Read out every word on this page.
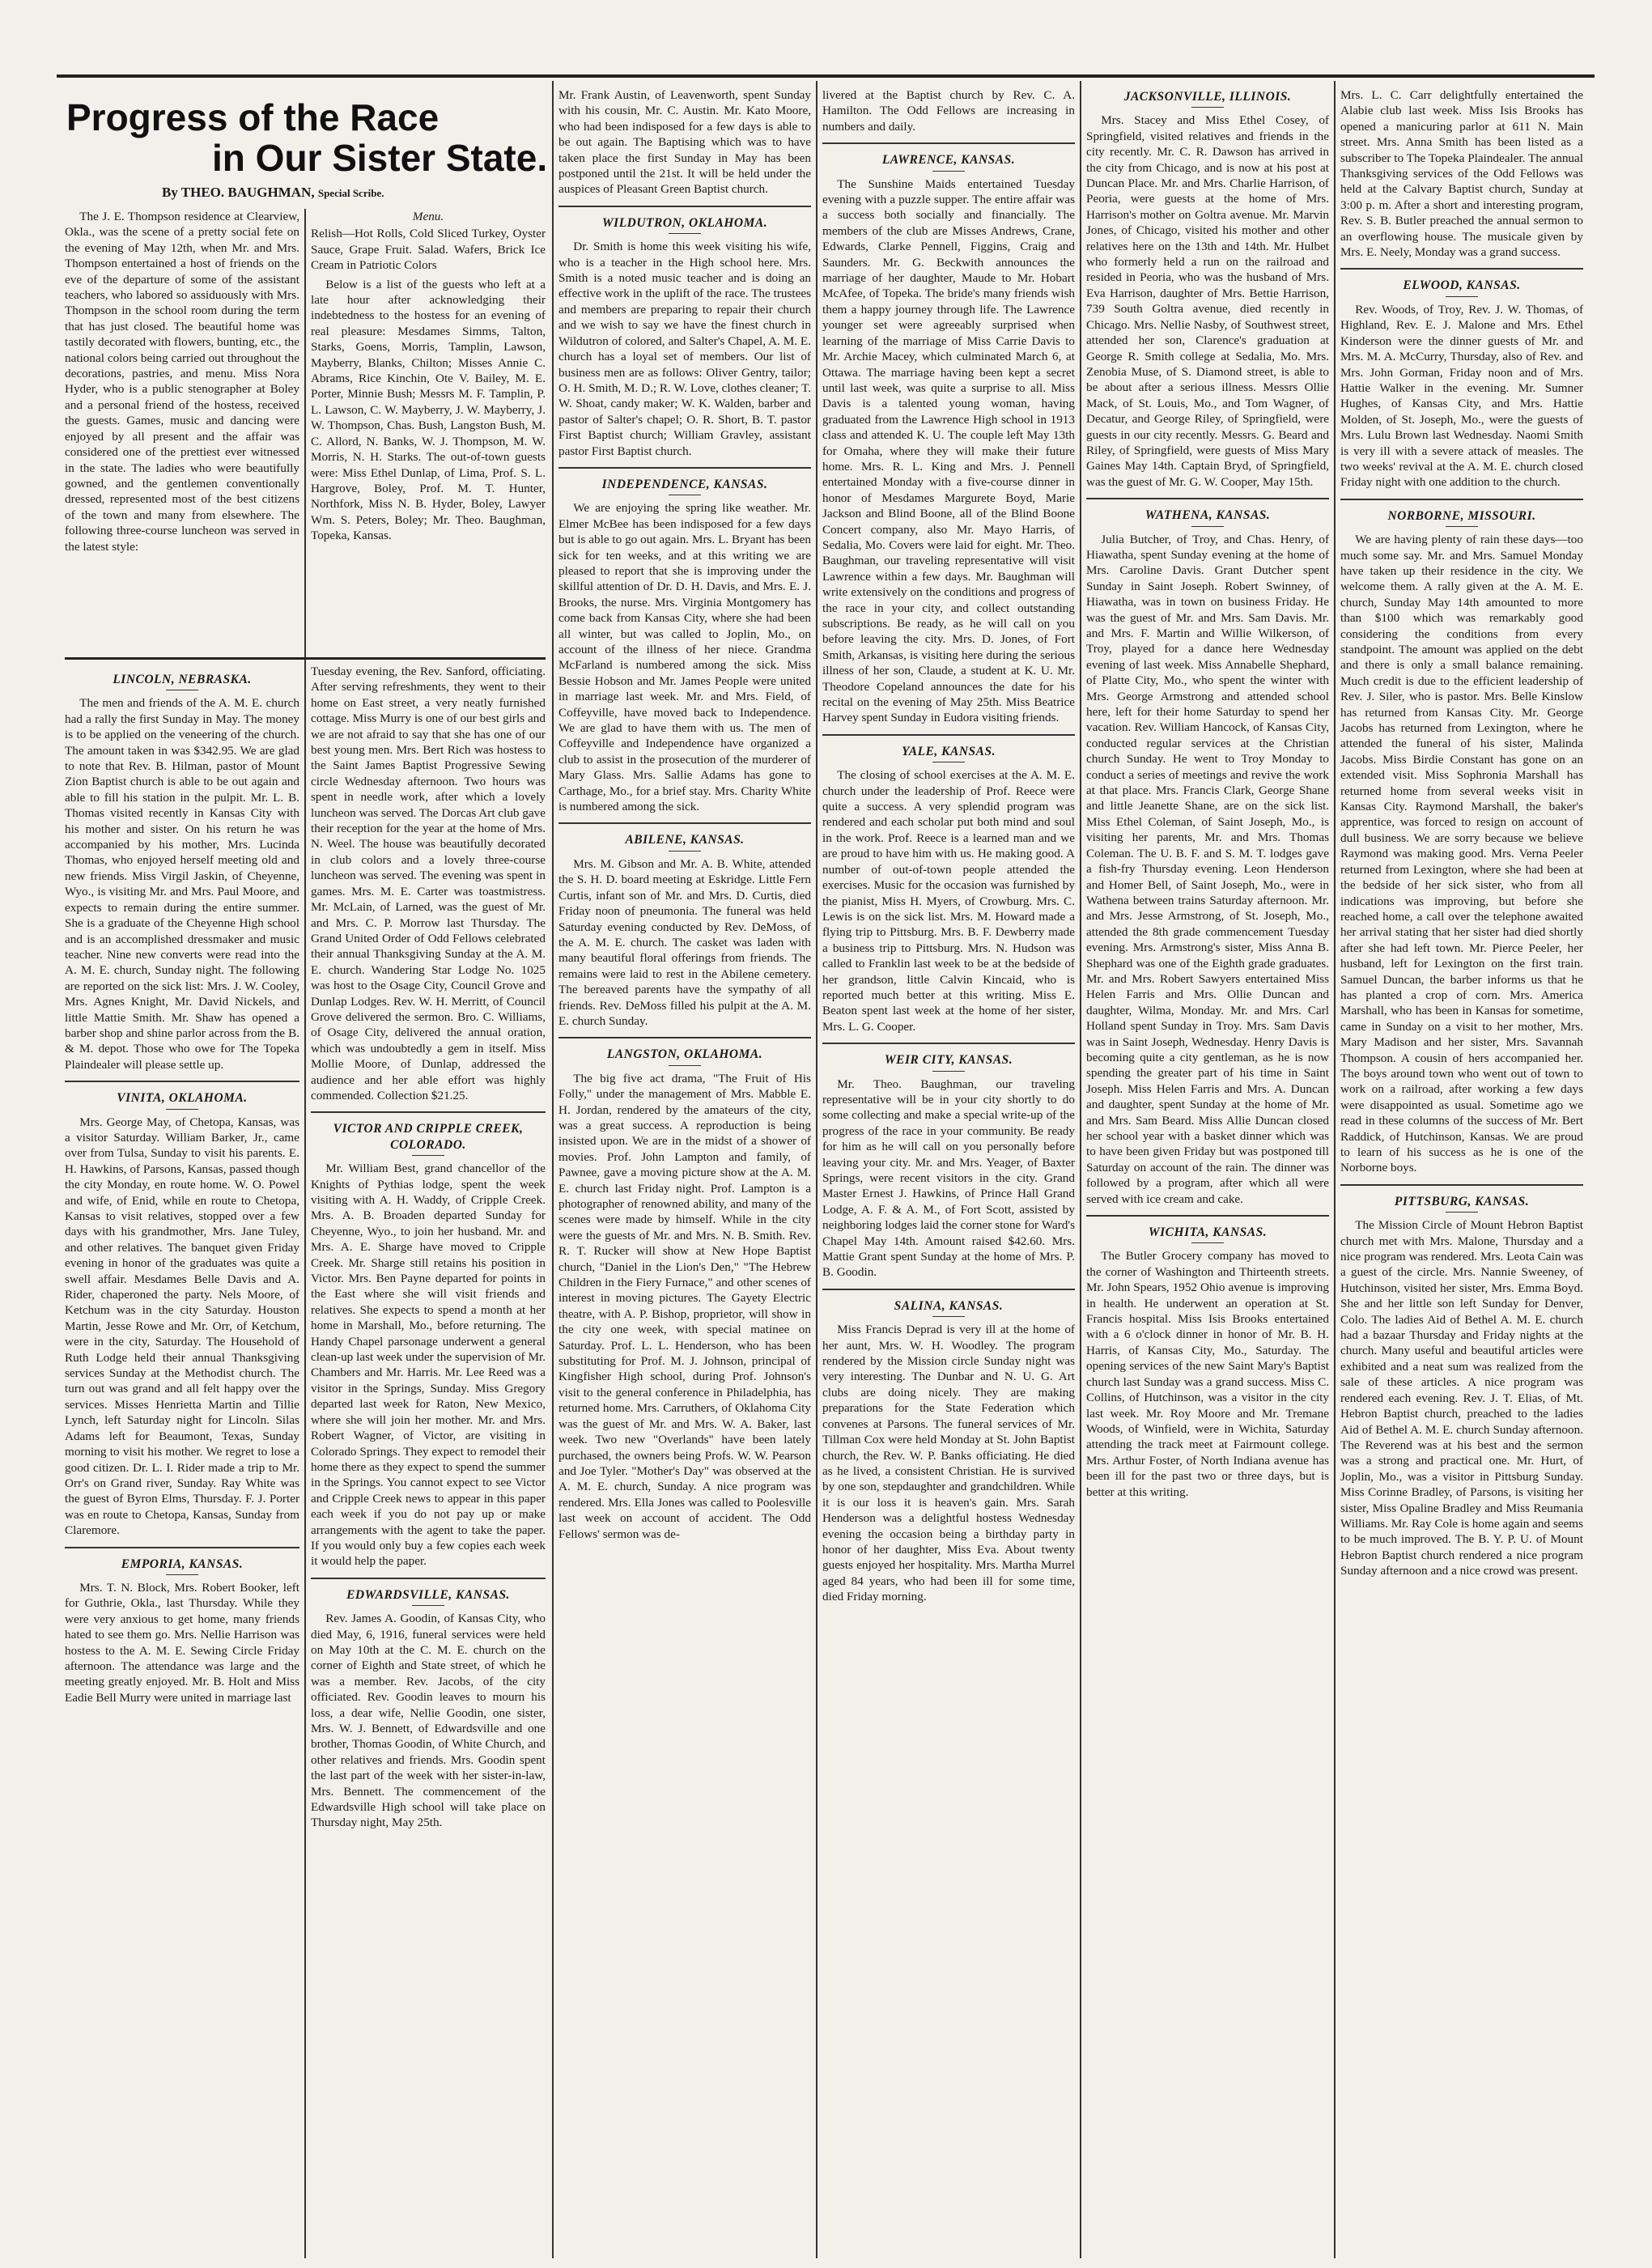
Progress of the Race
in Our Sister State.
By THEO. BAUGHMAN, Special Scribe.

The J. E. Thompson residence at Clearview, Okla., was the scene of a pretty social fete on the evening of May 12th, when Mr. and Mrs. Thompson entertained a host of friends on the eve of the departure of some of the assistant teachers, who labored so assiduously with Mrs. Thompson in the school room during the term that has just closed. The beautiful home was tastily decorated with flowers, bunting, etc., the national colors being carried out throughout the decorations, pastries, and menu. Miss Nora Hyder, who is a public stenographer at Boley and a personal friend of the hostess, received the guests. Games, music and dancing were enjoyed by all present and the affair was considered one of the prettiest ever witnessed in the state. The ladies who were beautifully gowned, and the gentlemen conventionally dressed, represented most of the best citizens of the town and many from elsewhere. The following three-course luncheon was served in the latest style:

Menu.

Relish—Hot Rolls, Cold Sliced Turkey, Oyster Sauce, Grape Fruit. Salad. Wafers, Brick Ice Cream in Patriotic Colors

Below is a list of the guests who left at a late hour after acknowledging their indebtedness to the hostess for an evening of real pleasure: Mesdames Simms, Talton, Starks, Goens, Morris, Tamplin, Lawson, Mayberry, Blanks, Chilton; Misses Annie C. Abrams, Rice Kinchin, Ote V. Bailey, M. E. Porter, Minnie Bush; Messrs M. F. Tamplin, P. L. Lawson, C. W. Mayberry, J. W. Mayberry, J. W. Thompson, Chas. Bush, Langston Bush, M. C. Allord, N. Banks, W. J. Thompson, M. W. Morris, N. H. Starks. The out-of-town guests were: Miss Ethel Dunlap, of Lima, Prof. S. L. Hargrove, Boley, Prof. M. T. Hunter, Northfork, Miss N. B. Hyder, Boley, Lawyer Wm. S. Peters, Boley; Mr. Theo. Baughman, Topeka, Kansas.

LINCOLN, NEBRASKA.

The men and friends of the A. M. E. church had a rally the first Sunday in May. The money is to be applied on the veneering of the church. The amount taken in was $342.95. We are glad to note that Rev. B. Hilman, pastor of Mount Zion Baptist church is able to be out again and able to fill his station in the pulpit. Mr. L. B. Thomas visited recently in Kansas City with his mother and sister. On his return he was accompanied by his mother, Mrs. Lucinda Thomas, who enjoyed herself meeting old and new friends. Miss Virgil Jaskin, of Cheyenne, Wyo., is visiting Mr. and Mrs. Paul Moore, and expects to remain during the entire summer. She is a graduate of the Cheyenne High school and is an accomplished dressmaker and music teacher. Nine new converts were read into the A. M. E. church, Sunday night. The following are reported on the sick list: Mrs. J. W. Cooley, Mrs. Agnes Knight, Mr. David Nickels, and little Mattie Smith. Mr. Shaw has opened a barber shop and shine parlor across from the B. & M. depot. Those who owe for The Topeka Plaindealer will please settle up.

VINITA, OKLAHOMA.

Mrs. George May, of Chetopa, Kansas, was a visitor Saturday. William Barker, Jr., came over from Tulsa, Sunday to visit his parents. E. H. Hawkins, of Parsons, Kansas, passed though the city Monday, en route home. W. O. Powel and wife, of Enid, while en route to Chetopa, Kansas to visit relatives, stopped over a few days with his grandmother, Mrs. Jane Tuley, and other relatives. The banquet given Friday evening in honor of the graduates was quite a swell affair. Mesdames Belle Davis and A. Rider, chaperoned the party. Nels Moore, of Ketchum was in the city Saturday. Houston Martin, Jesse Rowe and Mr. Orr, of Ketchum, were in the city, Saturday. The Household of Ruth Lodge held their annual Thanksgiving services Sunday at the Methodist church. The turn out was grand and all felt happy over the services. Misses Henrietta Martin and Tillie Lynch, left Saturday night for Lincoln. Silas Adams left for Beaumont, Texas, Sunday morning to visit his mother. We regret to lose a good citizen. Dr. L. I. Rider made a trip to Mr. Orr's on Grand river, Sunday. Ray White was the guest of Byron Elms, Thursday. F. J. Porter was en route to Chetopa, Kansas, Sunday from Claremore.

EMPORIA, KANSAS.

Mrs. T. N. Block, Mrs. Robert Booker, left for Guthrie, Okla., last Thursday. While they were very anxious to get home, many friends hated to see them go. Mrs. Nellie Harrison was hostess to the A. M. E. Sewing Circle Friday afternoon. The attendance was large and the meeting greatly enjoyed. Mr. B. Holt and Miss Eadie Bell Murry were united in marriage last

Tuesday evening, the Rev. Sanford, officiating. After serving refreshments, they went to their home on East street, a very neatly furnished cottage. Miss Murry is one of our best girls and we are not afraid to say that she has one of our best young men. Mrs. Bert Rich was hostess to the Saint James Baptist Progressive Sewing circle Wednesday afternoon. Two hours was spent in needle work, after which a lovely luncheon was served. The Dorcas Art club gave their reception for the year at the home of Mrs. N. Weel. The house was beautifully decorated in club colors and a lovely three-course luncheon was served. The evening was spent in games. Mrs. M. E. Carter was toastmistress. Mr. McLain, of Larned, was the guest of Mr. and Mrs. C. P. Morrow last Thursday. The Grand United Order of Odd Fellows celebrated their annual Thanksgiving Sunday at the A. M. E. church. Wandering Star Lodge No. 1025 was host to the Osage City, Council Grove and Dunlap Lodges. Rev. W. H. Merritt, of Council Grove delivered the sermon. Bro. C. Williams, of Osage City, delivered the annual oration, which was undoubtedly a gem in itself. Miss Mollie Moore, of Dunlap, addressed the audience and her able effort was highly commended. Collection $21.25.

VICTOR AND CRIPPLE CREEK, COLORADO.

Mr. William Best, grand chancellor of the Knights of Pythias lodge, spent the week visiting with A. H. Waddy, of Cripple Creek. Mrs. A. B. Broaden departed Sunday for Cheyenne, Wyo., to join her husband. Mr. and Mrs. A. E. Sharge have moved to Cripple Creek. Mr. Sharge still retains his position in Victor. Mrs. Ben Payne departed for points in the East where she will visit friends and relatives. She expects to spend a month at her home in Marshall, Mo., before returning. The Handy Chapel parsonage underwent a general clean-up last week under the supervision of Mr. Chambers and Mr. Harris. Mr. Lee Reed was a visitor in the Springs, Sunday. Miss Gregory departed last week for Raton, New Mexico, where she will join her mother. Mr. and Mrs. Robert Wagner, of Victor, are visiting in Colorado Springs. They expect to remodel their home there as they expect to spend the summer in the Springs. You cannot expect to see Victor and Cripple Creek news to appear in this paper each week if you do not pay up or make arrangements with the agent to take the paper. If you would only buy a few copies each week it would help the paper.

EDWARDSVILLE, KANSAS.

Rev. James A. Goodin, of Kansas City, who died May, 6, 1916, funeral services were held on May 10th at the C. M. E. church on the corner of Eighth and State street, of which he was a member. Rev. Jacobs, of the city officiated. Rev. Goodin leaves to mourn his loss, a dear wife, Nellie Goodin, one sister, Mrs. W. J. Bennett, of Edwardsville and one brother, Thomas Goodin, of White Church, and other relatives and friends. Mrs. Goodin spent the last part of the week with her sister-in-law, Mrs. Bennett. The commencement of the Edwardsville High school will take place on Thursday night, May 25th.

Mr. Frank Austin, of Leavenworth, spent Sunday with his cousin, Mr. C. Austin. Mr. Kato Moore, who had been indisposed for a few days is able to be out again. The Baptising which was to have taken place the first Sunday in May has been postponed until the 21st. It will be held under the auspices of Pleasant Green Baptist church.

WILDUTRON, OKLAHOMA.

Dr. Smith is home this week visiting his wife, who is a teacher in the High school here. Mrs. Smith is a noted music teacher and is doing an effective work in the uplift of the race. The trustees and members are preparing to repair their church and we wish to say we have the finest church in Wildutron of colored, and Salter's Chapel, A. M. E. church has a loyal set of members. Our list of business men are as follows: Oliver Gentry, tailor; O. H. Smith, M. D.; R. W. Love, clothes cleaner; T. W. Shoat, candy maker; W. K. Walden, barber and pastor of Salter's chapel; O. R. Short, B. T. pastor First Baptist church; William Gravley, assistant pastor First Baptist church.

INDEPENDENCE, KANSAS.

We are enjoying the spring like weather. Mr. Elmer McBee has been indisposed for a few days but is able to go out again. Mrs. L. Bryant has been sick for ten weeks, and at this writing we are pleased to report that she is improving under the skillful attention of Dr. D. H. Davis, and Mrs. E. J. Brooks, the nurse. Mrs. Virginia Montgomery has come back from Kansas City, where she had been all winter, but was called to Joplin, Mo., on account of the illness of her niece. Grandma McFarland is numbered among the sick. Miss Bessie Hobson and Mr. James People were united in marriage last week. Mr. and Mrs. Field, of Coffeyville, have moved back to Independence. We are glad to have them with us. The men of Coffeyville and Independence have organized a club to assist in the prosecution of the murderer of Mary Glass. Mrs. Sallie Adams has gone to Carthage, Mo., for a brief stay. Mrs. Charity White is numbered among the sick.

ABILENE, KANSAS.

Mrs. M. Gibson and Mr. A. B. White, attended the S. H. D. board meeting at Eskridge. Little Fern Curtis, infant son of Mr. and Mrs. D. Curtis, died Friday noon of pneumonia. The funeral was held Saturday evening conducted by Rev. DeMoss, of the A. M. E. church. The casket was laden with many beautiful floral offerings from friends. The remains were laid to rest in the Abilene cemetery. The bereaved parents have the sympathy of all friends. Rev. DeMoss filled his pulpit at the A. M. E. church Sunday.

LANGSTON, OKLAHOMA.

The big five act drama, "The Fruit of His Folly," under the management of Mrs. Mabble E. H. Jordan, rendered by the amateurs of the city, was a great success. A reproduction is being insisted upon. We are in the midst of a shower of movies. Prof. John Lampton and family, of Pawnee, gave a moving picture show at the A. M. E. church last Friday night. Prof. Lampton is a photographer of renowned ability, and many of the scenes were made by himself. While in the city were the guests of Mr. and Mrs. N. B. Smith. Rev. R. T. Rucker will show at New Hope Baptist church, "Daniel in the Lion's Den," "The Hebrew Children in the Fiery Furnace," and other scenes of interest in moving pictures. The Gayety Electric theatre, with A. P. Bishop, proprietor, will show in the city one week, with special matinee on Saturday. Prof. L. L. Henderson, who has been substituting for Prof. M. J. Johnson, principal of Kingfisher High school, during Prof. Johnson's visit to the general conference in Philadelphia, has returned home. Mrs. Carruthers, of Oklahoma City was the guest of Mr. and Mrs. W. A. Baker, last week. Two new "Overlands" have been lately purchased, the owners being Profs. W. W. Pearson and Joe Tyler. "Mother's Day" was observed at the A. M. E. church, Sunday. A nice program was rendered. Mrs. Ella Jones was called to Poolesville last week on account of accident. The Odd Fellows' sermon was de-

livered at the Baptist church by Rev. C. A. Hamilton. The Odd Fellows are increasing in numbers and daily.

LAWRENCE, KANSAS.

The Sunshine Maids entertained Tuesday evening with a puzzle supper. The entire affair was a success both socially and financially. The members of the club are Misses Andrews, Crane, Edwards, Clarke Pennell, Figgins, Craig and Saunders. Mr. G. Beckwith announces the marriage of her daughter, Maude to Mr. Hobart McAfee, of Topeka. The bride's many friends wish them a happy journey through life. The Lawrence younger set were agreeably surprised when learning of the marriage of Miss Carrie Davis to Mr. Archie Macey, which culminated March 6, at Ottawa. The marriage having been kept a secret until last week, was quite a surprise to all. Miss Davis is a talented young woman, having graduated from the Lawrence High school in 1913 class and attended K. U. The couple left May 13th for Omaha, where they will make their future home. Mrs. R. L. King and Mrs. J. Pennell entertained Monday with a five-course dinner in honor of Mesdames Margurete Boyd, Marie Jackson and Blind Boone, all of the Blind Boone Concert company, also Mr. Mayo Harris, of Sedalia, Mo. Covers were laid for eight. Mr. Theo. Baughman, our traveling representative will visit Lawrence within a few days. Mr. Baughman will write extensively on the conditions and progress of the race in your city, and collect outstanding subscriptions. Be ready, as he will call on you before leaving the city. Mrs. D. Jones, of Fort Smith, Arkansas, is visiting here during the serious illness of her son, Claude, a student at K. U. Mr. Theodore Copeland announces the date for his recital on the evening of May 25th. Miss Beatrice Harvey spent Sunday in Eudora visiting friends.

YALE, KANSAS.

The closing of school exercises at the A. M. E. church under the leadership of Prof. Reece were quite a success. A very splendid program was rendered and each scholar put both mind and soul in the work. Prof. Reece is a learned man and we are proud to have him with us. He making good. A number of out-of-town people attended the exercises. Music for the occasion was furnished by the pianist, Miss H. Myers, of Crowburg. Mrs. C. Lewis is on the sick list. Mrs. M. Howard made a flying trip to Pittsburg. Mrs. B. F. Dewberry made a business trip to Pittsburg. Mrs. N. Hudson was called to Franklin last week to be at the bedside of her grandson, little Calvin Kincaid, who is reported much better at this writing. Miss E. Beaton spent last week at the home of her sister, Mrs. L. G. Cooper.

WEIR CITY, KANSAS.

Mr. Theo. Baughman, our traveling representative will be in your city shortly to do some collecting and make a special write-up of the progress of the race in your community. Be ready for him as he will call on you personally before leaving your city. Mr. and Mrs. Yeager, of Baxter Springs, were recent visitors in the city. Grand Master Ernest J. Hawkins, of Prince Hall Grand Lodge, A. F. & A. M., of Fort Scott, assisted by neighboring lodges laid the corner stone for Ward's Chapel May 14th. Amount raised $42.60. Mrs. Mattie Grant spent Sunday at the home of Mrs. P. B. Goodin.

SALINA, KANSAS.

Miss Francis Deprad is very ill at the home of her aunt, Mrs. W. H. Woodley. The program rendered by the Mission circle Sunday night was very interesting. The Dunbar and N. U. G. Art clubs are doing nicely. They are making preparations for the State Federation which convenes at Parsons. The funeral services of Mr. Tillman Cox were held Monday at St. John Baptist church, the Rev. W. P. Banks officiating. He died as he lived, a consistent Christian. He is survived by one son, stepdaughter and grandchildren. While it is our loss it is heaven's gain. Mrs. Sarah Henderson was a delightful hostess Wednesday evening the occasion being a birthday party in honor of her daughter, Miss Eva. About twenty guests enjoyed her hospitality. Mrs. Martha Murrel aged 84 years, who had been ill for some time, died Friday morning.

JACKSONVILLE, ILLINOIS.

Mrs. Stacey and Miss Ethel Cosey, of Springfield, visited relatives and friends in the city recently. Mr. C. R. Dawson has arrived in the city from Chicago, and is now at his post at Duncan Place. Mr. and Mrs. Charlie Harrison, of Peoria, were guests at the home of Mrs. Harrison's mother on Goltra avenue. Mr. Marvin Jones, of Chicago, visited his mother and other relatives here on the 13th and 14th. Mr. Hulbet who formerly held a run on the railroad and resided in Peoria, who was the husband of Mrs. Eva Harrison, daughter of Mrs. Bettie Harrison, 739 South Goltra avenue, died recently in Chicago. Mrs. Nellie Nasby, of Southwest street, attended her son, Clarence's graduation at George R. Smith college at Sedalia, Mo. Mrs. Zenobia Muse, of S. Diamond street, is able to be about after a serious illness. Messrs Ollie Mack, of St. Louis, Mo., and Tom Wagner, of Decatur, and George Riley, of Springfield, were guests in our city recently. Messrs. G. Beard and Riley, of Springfield, were guests of Miss Mary Gaines May 14th. Captain Bryd, of Springfield, was the guest of Mr. G. W. Cooper, May 15th.

WATHENA, KANSAS.

Julia Butcher, of Troy, and Chas. Henry, of Hiawatha, spent Sunday evening at the home of Mrs. Caroline Davis. Grant Dutcher spent Sunday in Saint Joseph. Robert Swinney, of Hiawatha, was in town on business Friday. He was the guest of Mr. and Mrs. Sam Davis. Mr. and Mrs. F. Martin and Willie Wilkerson, of Troy, played for a dance here Wednesday evening of last week. Miss Annabelle Shephard, of Platte City, Mo., who spent the winter with Mrs. George Armstrong and attended school here, left for their home Saturday to spend her vacation. Rev. William Hancock, of Kansas City, conducted regular services at the Christian church Sunday. He went to Troy Monday to conduct a series of meetings and revive the work at that place. Mrs. Francis Clark, George Shane and little Jeanette Shane, are on the sick list. Miss Ethel Coleman, of Saint Joseph, Mo., is visiting her parents, Mr. and Mrs. Thomas Coleman. The U. B. F. and S. M. T. lodges gave a fish-fry Thursday evening. Leon Henderson and Homer Bell, of Saint Joseph, Mo., were in Wathena between trains Saturday afternoon. Mr. and Mrs. Jesse Armstrong, of St. Joseph, Mo., attended the 8th grade commencement Tuesday evening. Mrs. Armstrong's sister, Miss Anna B. Shephard was one of the Eighth grade graduates. Mr. and Mrs. Robert Sawyers entertained Miss Helen Farris and Mrs. Ollie Duncan and daughter, Wilma, Monday. Mr. and Mrs. Carl Holland spent Sunday in Troy. Mrs. Sam Davis was in Saint Joseph, Wednesday. Henry Davis is becoming quite a city gentleman, as he is now spending the greater part of his time in Saint Joseph. Miss Helen Farris and Mrs. A. Duncan and daughter, spent Sunday at the home of Mr. and Mrs. Sam Beard. Miss Allie Duncan closed her school year with a basket dinner which was to have been given Friday but was postponed till Saturday on account of the rain. The dinner was followed by a program, after which all were served with ice cream and cake.

WICHITA, KANSAS.

The Butler Grocery company has moved to the corner of Washington and Thirteenth streets. Mr. John Spears, 1952 Ohio avenue is improving in health. He underwent an operation at St. Francis hospital. Miss Isis Brooks entertained with a 6 o'clock dinner in honor of Mr. B. H. Harris, of Kansas City, Mo., Saturday. The opening services of the new Saint Mary's Baptist church last Sunday was a grand success. Miss C. Collins, of Hutchinson, was a visitor in the city last week. Mr. Roy Moore and Mr. Tremane Woods, of Winfield, were in Wichita, Saturday attending the track meet at Fairmount college. Mrs. Arthur Foster, of North Indiana avenue has been ill for the past two or three days, but is better at this writing.

Mrs. L. C. Carr delightfully entertained the Alabie club last week. Miss Isis Brooks has opened a manicuring parlor at 611 N. Main street. Mrs. Anna Smith has been listed as a subscriber to The Topeka Plaindealer. The annual Thanksgiving services of the Odd Fellows was held at the Calvary Baptist church, Sunday at 3:00 p. m. After a short and interesting program, Rev. S. B. Butler preached the annual sermon to an overflowing house. The musicale given by Mrs. E. Neely, Monday was a grand success.

ELWOOD, KANSAS.

Rev. Woods, of Troy, Rev. J. W. Thomas, of Highland, Rev. E. J. Malone and Mrs. Ethel Kinderson were the dinner guests of Mr. and Mrs. M. A. McCurry, Thursday, also of Rev. and Mrs. John Gorman, Friday noon and of Mrs. Hattie Walker in the evening. Mr. Sumner Hughes, of Kansas City, and Mrs. Hattie Molden, of St. Joseph, Mo., were the guests of Mrs. Lulu Brown last Wednesday. Naomi Smith is very ill with a severe attack of measles. The two weeks' revival at the A. M. E. church closed Friday night with one addition to the church.

NORBORNE, MISSOURI.

We are having plenty of rain these days—too much some say. Mr. and Mrs. Samuel Monday have taken up their residence in the city. We welcome them. A rally given at the A. M. E. church, Sunday May 14th amounted to more than $100 which was remarkably good considering the conditions from every standpoint. The amount was applied on the debt and there is only a small balance remaining. Much credit is due to the efficient leadership of Rev. J. Siler, who is pastor. Mrs. Belle Kinslow has returned from Kansas City. Mr. George Jacobs has returned from Lexington, where he attended the funeral of his sister, Malinda Jacobs. Miss Birdie Constant has gone on an extended visit. Miss Sophronia Marshall has returned home from several weeks visit in Kansas City. Raymond Marshall, the baker's apprentice, was forced to resign on account of dull business. We are sorry because we believe Raymond was making good. Mrs. Verna Peeler returned from Lexington, where she had been at the bedside of her sick sister, who from all indications was improving, but before she reached home, a call over the telephone awaited her arrival stating that her sister had died shortly after she had left town. Mr. Pierce Peeler, her husband, left for Lexington on the first train. Samuel Duncan, the barber informs us that he has planted a crop of corn. Mrs. America Marshall, who has been in Kansas for sometime, came in Sunday on a visit to her mother, Mrs. Mary Madison and her sister, Mrs. Savannah Thompson. A cousin of hers accompanied her. The boys around town who went out of town to work on a railroad, after working a few days were disappointed as usual. Sometime ago we read in these columns of the success of Mr. Bert Raddick, of Hutchinson, Kansas. We are proud to learn of his success as he is one of the Norborne boys.

PITTSBURG, KANSAS.

The Mission Circle of Mount Hebron Baptist church met with Mrs. Malone, Thursday and a nice program was rendered. Mrs. Leota Cain was a guest of the circle. Mrs. Nannie Sweeney, of Hutchinson, visited her sister, Mrs. Emma Boyd. She and her little son left Sunday for Denver, Colo. The ladies Aid of Bethel A. M. E. church had a bazaar Thursday and Friday nights at the church. Many useful and beautiful articles were exhibited and a neat sum was realized from the sale of these articles. A nice program was rendered each evening. Rev. J. T. Elias, of Mt. Hebron Baptist church, preached to the ladies Aid of Bethel A. M. E. church Sunday afternoon. The Reverend was at his best and the sermon was a strong and practical one. Mr. Hurt, of Joplin, Mo., was a visitor in Pittsburg Sunday. Miss Corinne Bradley, of Parsons, is visiting her sister, Miss Opaline Bradley and Miss Reumania Williams. Mr. Ray Cole is home again and seems to be much improved. The B. Y. P. U. of Mount Hebron Baptist church rendered a nice program Sunday afternoon and a nice crowd was present.
